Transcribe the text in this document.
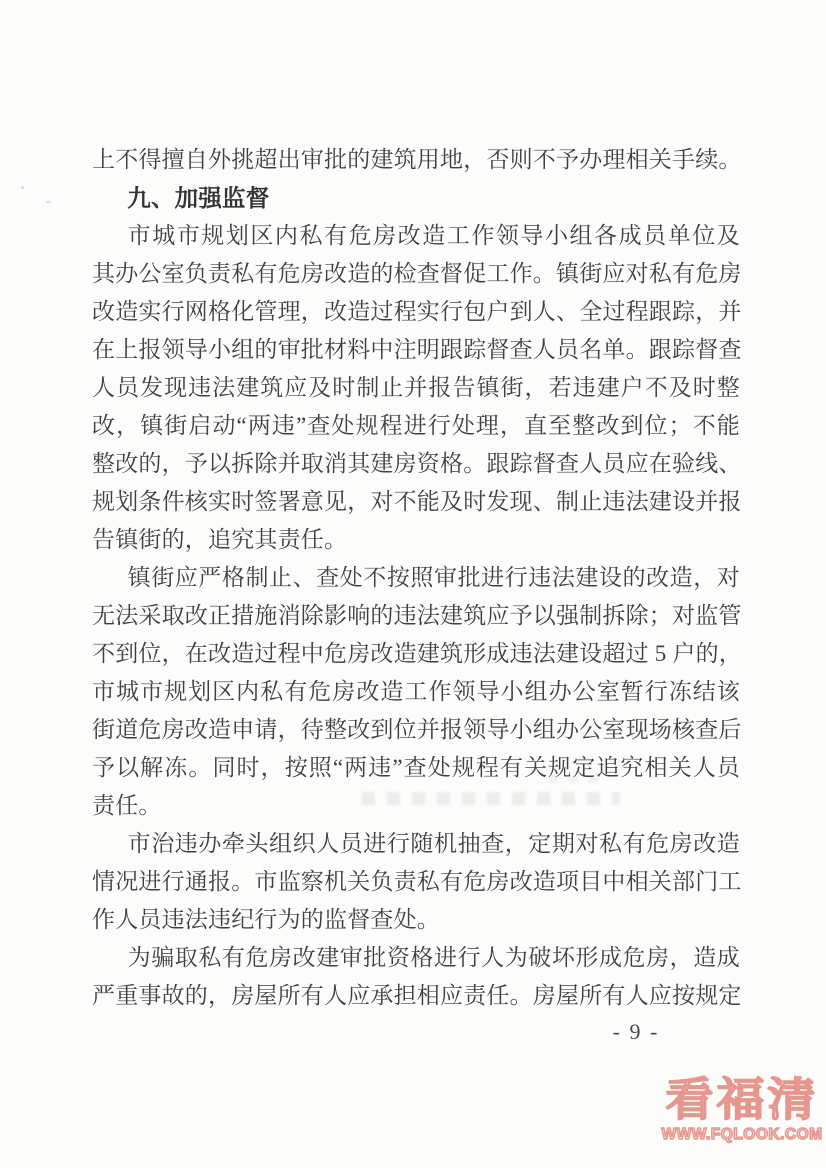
上不得擅自外挑超出审批的建筑用地，否则不予办理相关手续。

九、加强监督

市城市规划区内私有危房改造工作领导小组各成员单位及

其办公室负责私有危房改造的检查督促工作。镇街应对私有危房

改造实行网格化管理，改造过程实行包户到人、全过程跟踪，并

在上报领导小组的审批材料中注明跟踪督查人员名单。跟踪督查

人员发现违法建筑应及时制止并报告镇街，若违建户不及时整

改，镇街启动“两违”查处规程进行处理，直至整改到位；不能

整改的，予以拆除并取消其建房资格。跟踪督查人员应在验线、

规划条件核实时签署意见，对不能及时发现、制止违法建设并报

告镇街的，追究其责任。

镇街应严格制止、查处不按照审批进行违法建设的改造，对

无法采取改正措施消除影响的违法建筑应予以强制拆除；对监管

不到位，在改造过程中危房改造建筑形成违法建设超过 5 户的，

市城市规划区内私有危房改造工作领导小组办公室暂行冻结该

街道危房改造申请，待整改到位并报领导小组办公室现场核查后

予以解冻。同时，按照“两违”查处规程有关规定追究相关人员

责任。

市治违办牵头组织人员进行随机抽查，定期对私有危房改造

情况进行通报。市监察机关负责私有危房改造项目中相关部门工

作人员违法违纪行为的监督查处。

为骗取私有危房改建审批资格进行人为破坏形成危房，造成

严重事故的，房屋所有人应承担相应责任。房屋所有人应按规定

- 9 -
看福清
WWW.FQLOOK.COM
